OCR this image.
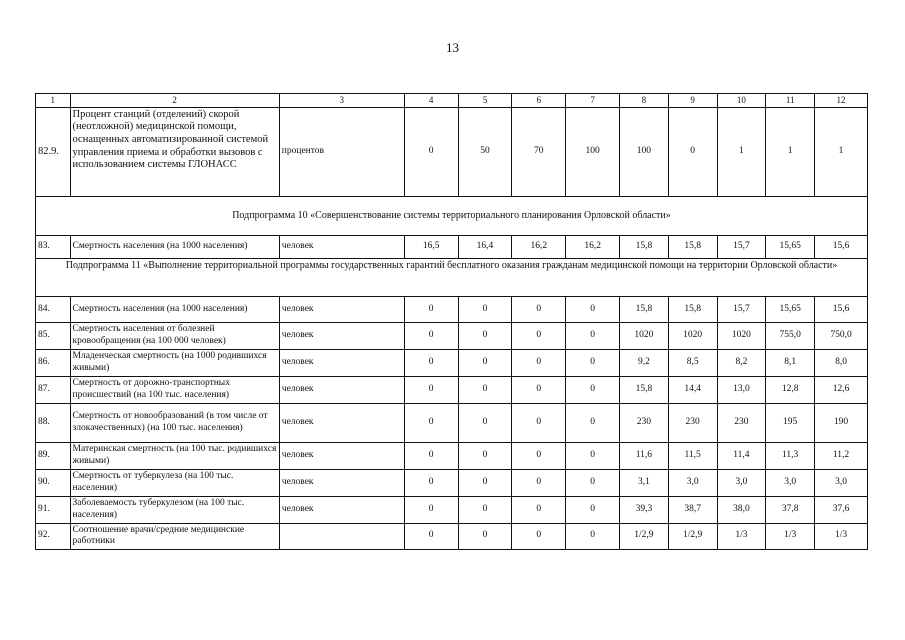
13
1	2	3	4	5	6	7	8	9	10	11	12
82.9.	Процент станций (отделений) скорой (неотложной) медицинской помощи, оснащенных автоматизированной системой управления приема и обработки вызовов с использованием системы ГЛОНАСС	процентов	0	50	70	100	100	0	1	1	1
Подпрограмма 10 «Совершенствование системы территориального планирования Орловской области»											
83.	Смертность населения (на 1000 населения)	человек	16,5	16,4	16,2	16,2	15,8	15,8	15,7	15,65	15,6
Подпрограмма 11 «Выполнение территориальной программы государственных гарантий бесплатного оказания гражданам медицинской помощи на территории Орловской области»											
84.	Смертность населения (на 1000 населения)	человек	0	0	0	0	15,8	15,8	15,7	15,65	15,6
85.	Смертность населения от болезней кровообращения (на 100 000 человек)	человек	0	0	0	0	1020	1020	1020	755,0	750,0
86.	Младенческая смертность (на 1000 родившихся живыми)	человек	0	0	0	0	9,2	8,5	8,2	8,1	8,0
87.	Смертность от дорожно-транспортных происшествий (на 100 тыс. населения)	человек	0	0	0	0	15,8	14,4	13,0	12,8	12,6
88.	Смертность от новообразований (в том числе от злокачественных) (на 100 тыс. населения)	человек	0	0	0	0	230	230	230	195	190
89.	Материнская смертность (на 100 тыс. родившихся живыми)	человек	0	0	0	0	11,6	11,5	11,4	11,3	11,2
90.	Смертность от туберкулеза (на 100 тыс. населения)	человек	0	0	0	0	3,1	3,0	3,0	3,0	3,0
91.	Заболеваемость туберкулезом (на 100 тыс. населения)	человек	0	0	0	0	39,3	38,7	38,0	37,8	37,6
92.	Соотношение врачи/средние медицинские работники		0	0	0	0	1/2,9	1/2,9	1/3	1/3	1/3
